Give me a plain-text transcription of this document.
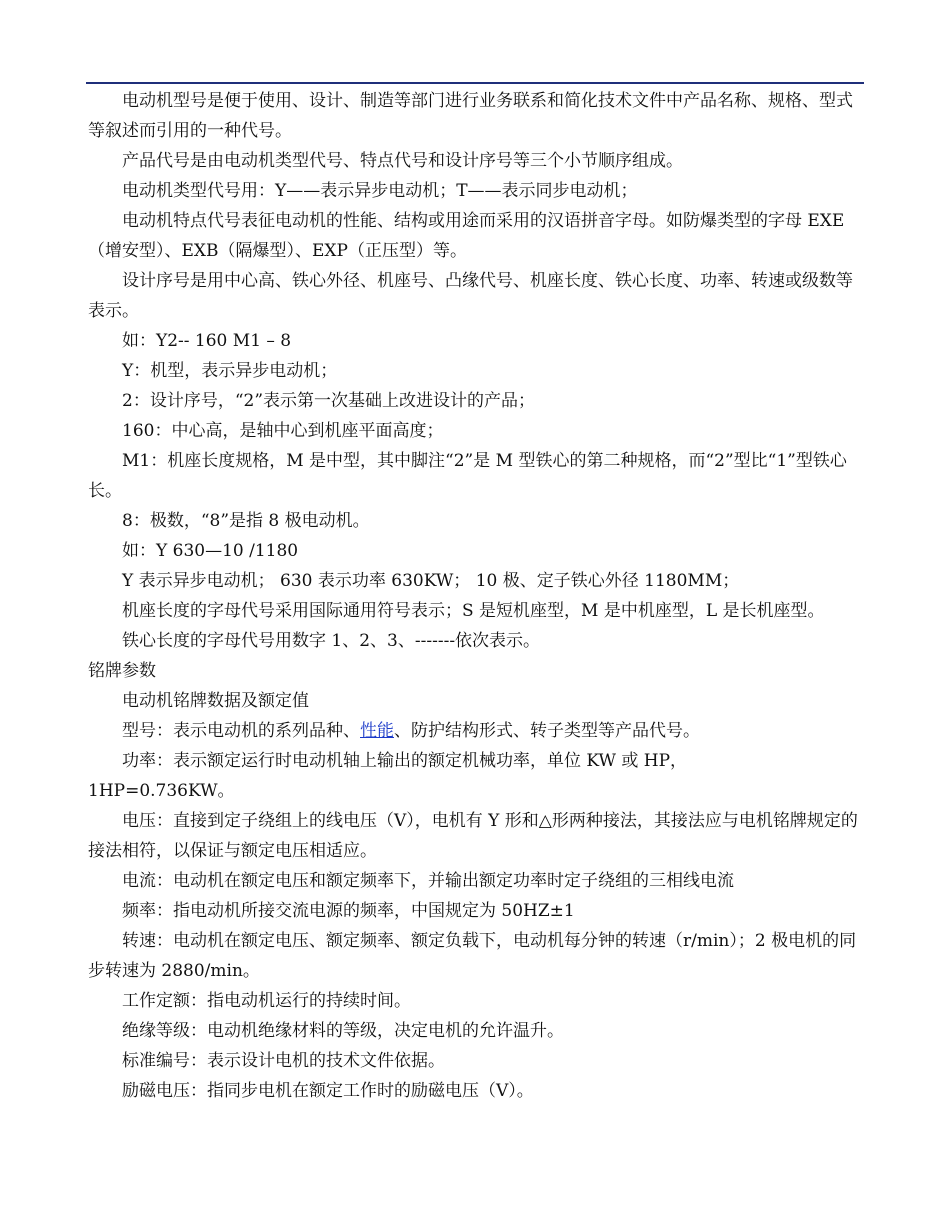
电动机型号是便于使用、设计、制造等部门进行业务联系和简化技术文件中产品名称、规格、型式等叙述而引用的一种代号。

产品代号是由电动机类型代号、特点代号和设计序号等三个小节顺序组成。

电动机类型代号用：Y——表示异步电动机；T——表示同步电动机；

电动机特点代号表征电动机的性能、结构或用途而采用的汉语拼音字母。如防爆类型的字母 EXE（增安型）、EXB（隔爆型）、EXP（正压型）等。

设计序号是用中心高、铁心外径、机座号、凸缘代号、机座长度、铁心长度、功率、转速或级数等表示。

如：Y2-- 160 M1 – 8

Y：机型，表示异步电动机；

2：设计序号，“2”表示第一次基础上改进设计的产品；

160：中心高，是轴中心到机座平面高度；

M1：机座长度规格，M 是中型，其中脚注“2”是 M 型铁心的第二种规格，而“2”型比“1”型铁心长。

8：极数，“8”是指 8 极电动机。

如：Y 630—10 /1180

Y 表示异步电动机； 630 表示功率 630KW； 10 极、定子铁心外径 1180MM；

机座长度的字母代号采用国际通用符号表示；S 是短机座型，M 是中机座型，L 是长机座型。

铁心长度的字母代号用数字 1、2、3、-------依次表示。

铭牌参数

电动机铭牌数据及额定值

型号：表示电动机的系列品种、性能、防护结构形式、转子类型等产品代号。

功率：表示额定运行时电动机轴上输出的额定机械功率，单位 KW 或 HP，

1HP=0.736KW。

电压：直接到定子绕组上的线电压（V），电机有 Y 形和△形两种接法，其接法应与电机铭牌规定的接法相符，以保证与额定电压相适应。

电流：电动机在额定电压和额定频率下，并输出额定功率时定子绕组的三相线电流

频率：指电动机所接交流电源的频率，中国规定为 50HZ±1

转速：电动机在额定电压、额定频率、额定负载下，电动机每分钟的转速（r/min）；2 极电机的同步转速为 2880/min。

工作定额：指电动机运行的持续时间。

绝缘等级：电动机绝缘材料的等级，决定电机的允许温升。

标准编号：表示设计电机的技术文件依据。

励磁电压：指同步电机在额定工作时的励磁电压（V）。
